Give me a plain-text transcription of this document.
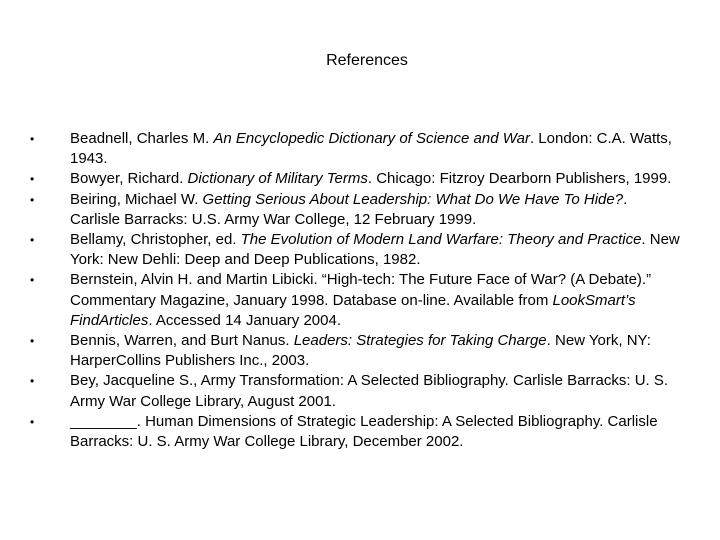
References
•	Beadnell, Charles M. An Encyclopedic Dictionary of Science and War. London: C.A. Watts, 1943.
•	Bowyer, Richard. Dictionary of Military Terms. Chicago: Fitzroy Dearborn Publishers, 1999.
•	Beiring, Michael W. Getting Serious About Leadership: What Do We Have To Hide?. Carlisle Barracks: U.S. Army War College, 12 February 1999.
•	Bellamy, Christopher, ed. The Evolution of Modern Land Warfare: Theory and Practice. New York: New Dehli: Deep and Deep Publications, 1982.
•	Bernstein, Alvin H. and Martin Libicki. “High-tech: The Future Face of War? (A Debate).” Commentary Magazine, January 1998. Database on-line. Available from LookSmart’s FindArticles. Accessed 14 January 2004.
•	Bennis, Warren, and Burt Nanus. Leaders: Strategies for Taking Charge. New York, NY: HarperCollins Publishers Inc., 2003.
•	Bey, Jacqueline S., Army Transformation: A Selected Bibliography. Carlisle Barracks: U. S. Army War College Library, August 2001.
•	________. Human Dimensions of Strategic Leadership: A Selected Bibliography. Carlisle Barracks: U. S. Army War College Library, December 2002.
